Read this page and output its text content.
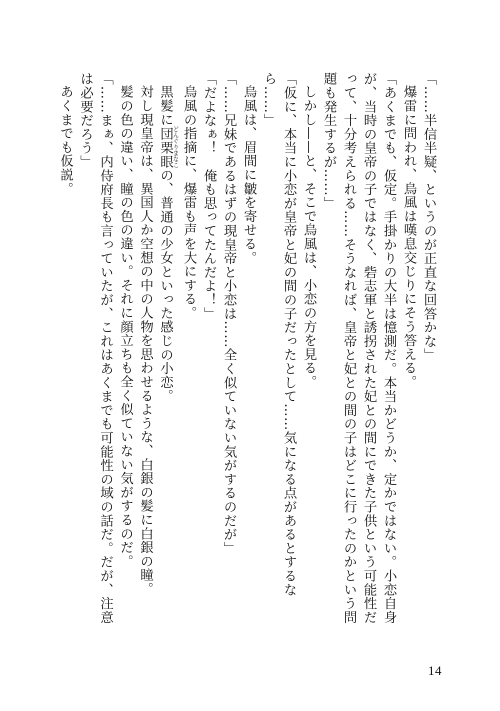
「……半信半疑、というのが正直な回答かな」

爆雷に問われ、烏風は嘆息交じりにそう答える。

「あくまでも、仮定。手掛かりの大半は憶測だ。本当かどうか、定かではない。小恋自身が、当時の皇帝の子ではなく、砦志軍と誘拐された妃との間にできた子供という可能性だって、十分考えられる……そうなれば、皇帝と妃との間の子はどこに行ったのかという問題も発生するが……」

しかし——と、そこで烏風は、小恋の方を見る。

「仮に、本当に小恋が皇帝と妃の間の子だったとして……気になる点があるとするなら……」

烏風は、眉間に皺を寄せる。

「……兄妹であるはずの現皇帝と小恋は……全く似ていない気がするのだが」

「だよなぁ！　俺も思ってたんだよ！」

烏風の指摘に、爆雷も声を大にする。

黒髪に団栗眼 どんぐりまなこの、普通の少女といった感じの小恋。

対し現皇帝は、異国人か空想の中の人物を思わせるような、白銀の髪に白銀の瞳。

髪の色の違い、瞳の色の違い。それに顔立ちも全く似ていない気がするのだ。

「……まぁ、内侍府長も言っていたが、これはあくまでも可能性の域の話だ。だが、注意は必要だろう」

あくまでも仮説。

14
